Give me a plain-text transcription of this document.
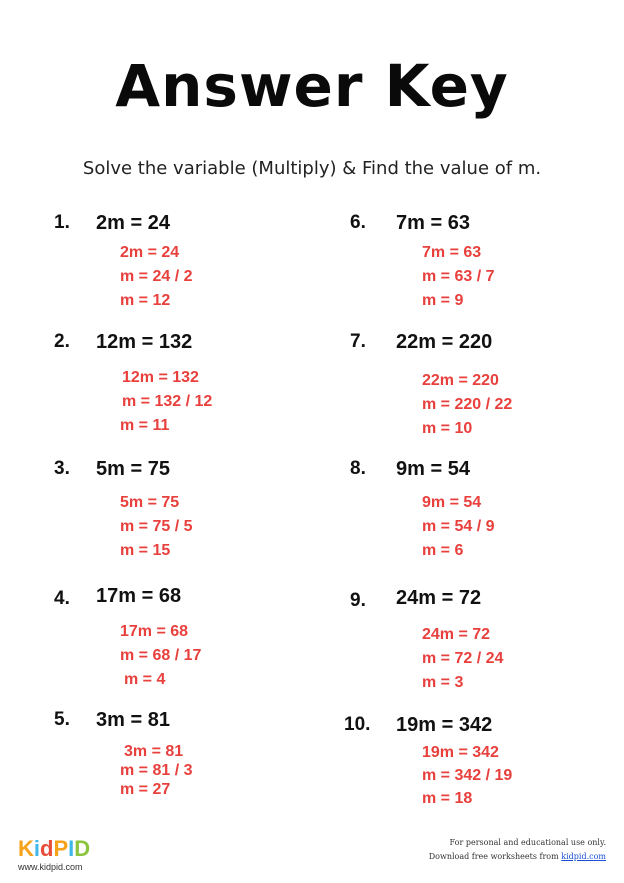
Answer Key
Solve the variable (Multiply) & Find the value of m.
1. 2m = 24
2m = 24
m = 24 / 2
m = 12
2. 12m = 132
12m = 132
m = 132 / 12
m = 11
3. 5m = 75
5m = 75
m = 75 / 5
m = 15
4. 17m = 68
17m = 68
m = 68 / 17
m = 4
5. 3m = 81
3m = 81
m = 81 / 3
m = 27
6. 7m = 63
7m = 63
m = 63 / 7
m = 9
7. 22m = 220
22m = 220
m = 220 / 22
m = 10
8. 9m = 54
9m = 54
m = 54 / 9
m = 6
9. 24m = 72
24m = 72
m = 72 / 24
m = 3
10. 19m = 342
19m = 342
m = 342 / 19
m = 18
KidPID
www.kidpid.com
For personal and educational use only.
Download free worksheets from kidpid.com
